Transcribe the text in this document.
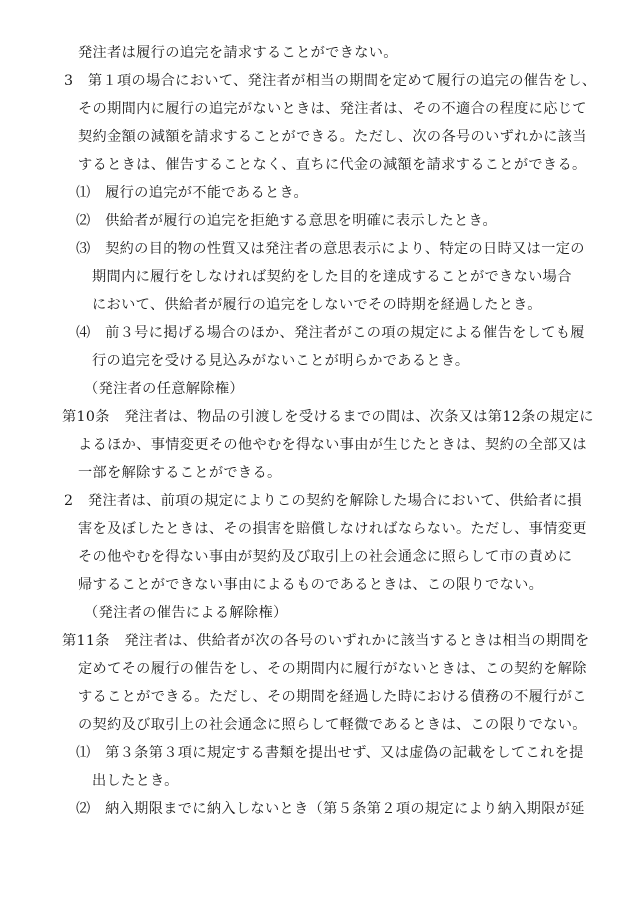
発注者は履行の追完を請求することができない。
3　第１項の場合において、発注者が相当の期間を定めて履行の追完の催告をし、
その期間内に履行の追完がないときは、発注者は、その不適合の程度に応じて
契約金額の減額を請求することができる。ただし、次の各号のいずれかに該当
するときは、催告することなく、直ちに代金の減額を請求することができる。
⑴　履行の追完が不能であるとき。
⑵　供給者が履行の追完を拒絶する意思を明確に表示したとき。
⑶　契約の目的物の性質又は発注者の意思表示により、特定の日時又は一定の
期間内に履行をしなければ契約をした目的を達成することができない場合
において、供給者が履行の追完をしないでその時期を経過したとき。
⑷　前３号に掲げる場合のほか、発注者がこの項の規定による催告をしても履
行の追完を受ける見込みがないことが明らかであるとき。
（発注者の任意解除権）
第10条　発注者は、物品の引渡しを受けるまでの間は、次条又は第12条の規定に
よるほか、事情変更その他やむを得ない事由が生じたときは、契約の全部又は
一部を解除することができる。
2　発注者は、前項の規定によりこの契約を解除した場合において、供給者に損
害を及ぼしたときは、その損害を賠償しなければならない。ただし、事情変更
その他やむを得ない事由が契約及び取引上の社会通念に照らして市の責めに
帰することができない事由によるものであるときは、この限りでない。
（発注者の催告による解除権）
第11条　発注者は、供給者が次の各号のいずれかに該当するときは相当の期間を
定めてその履行の催告をし、その期間内に履行がないときは、この契約を解除
することができる。ただし、その期間を経過した時における債務の不履行がこ
の契約及び取引上の社会通念に照らして軽微であるときは、この限りでない。
⑴　第３条第３項に規定する書類を提出せず、又は虚偽の記載をしてこれを提
出したとき。
⑵　納入期限までに納入しないとき（第５条第２項の規定により納入期限が延
